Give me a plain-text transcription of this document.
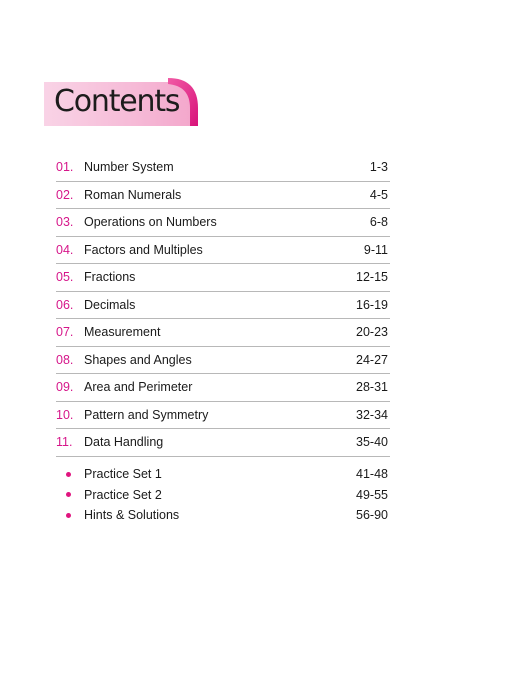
Contents
01. Number System	1-3
02. Roman Numerals	4-5
03. Operations on Numbers	6-8
04. Factors and Multiples	9-11
05. Fractions	12-15
06. Decimals	16-19
07. Measurement	20-23
08. Shapes and Angles	24-27
09. Area and Perimeter	28-31
10. Pattern and Symmetry	32-34
11. Data Handling	35-40
Practice Set 1	41-48
Practice Set 2	49-55
Hints & Solutions	56-90
